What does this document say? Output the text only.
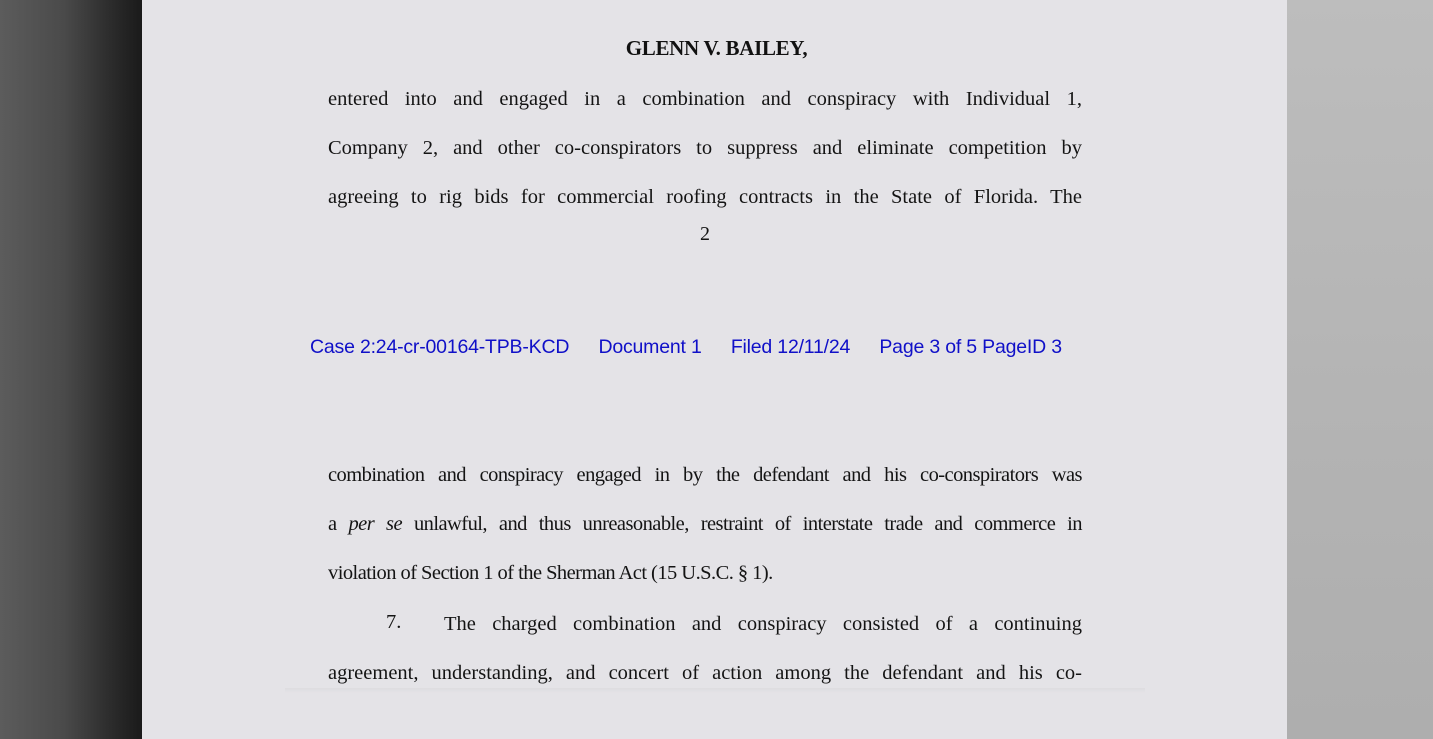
GLENN V. BAILEY,
entered into and engaged in a combination and conspiracy with Individual 1,
Company 2, and other co-conspirators to suppress and eliminate competition by
agreeing to rig bids for commercial roofing contracts in the State of Florida. The
2
Case 2:24-cr-00164-TPB-KCD Document 1 Filed 12/11/24 Page 3 of 5 PageID 3
combination and conspiracy engaged in by the defendant and his co-conspirators was
a per se unlawful, and thus unreasonable, restraint of interstate trade and commerce in
violation of Section 1 of the Sherman Act (15 U.S.C. § 1).
7. The charged combination and conspiracy consisted of a continuing
agreement, understanding, and concert of action among the defendant and his co-
